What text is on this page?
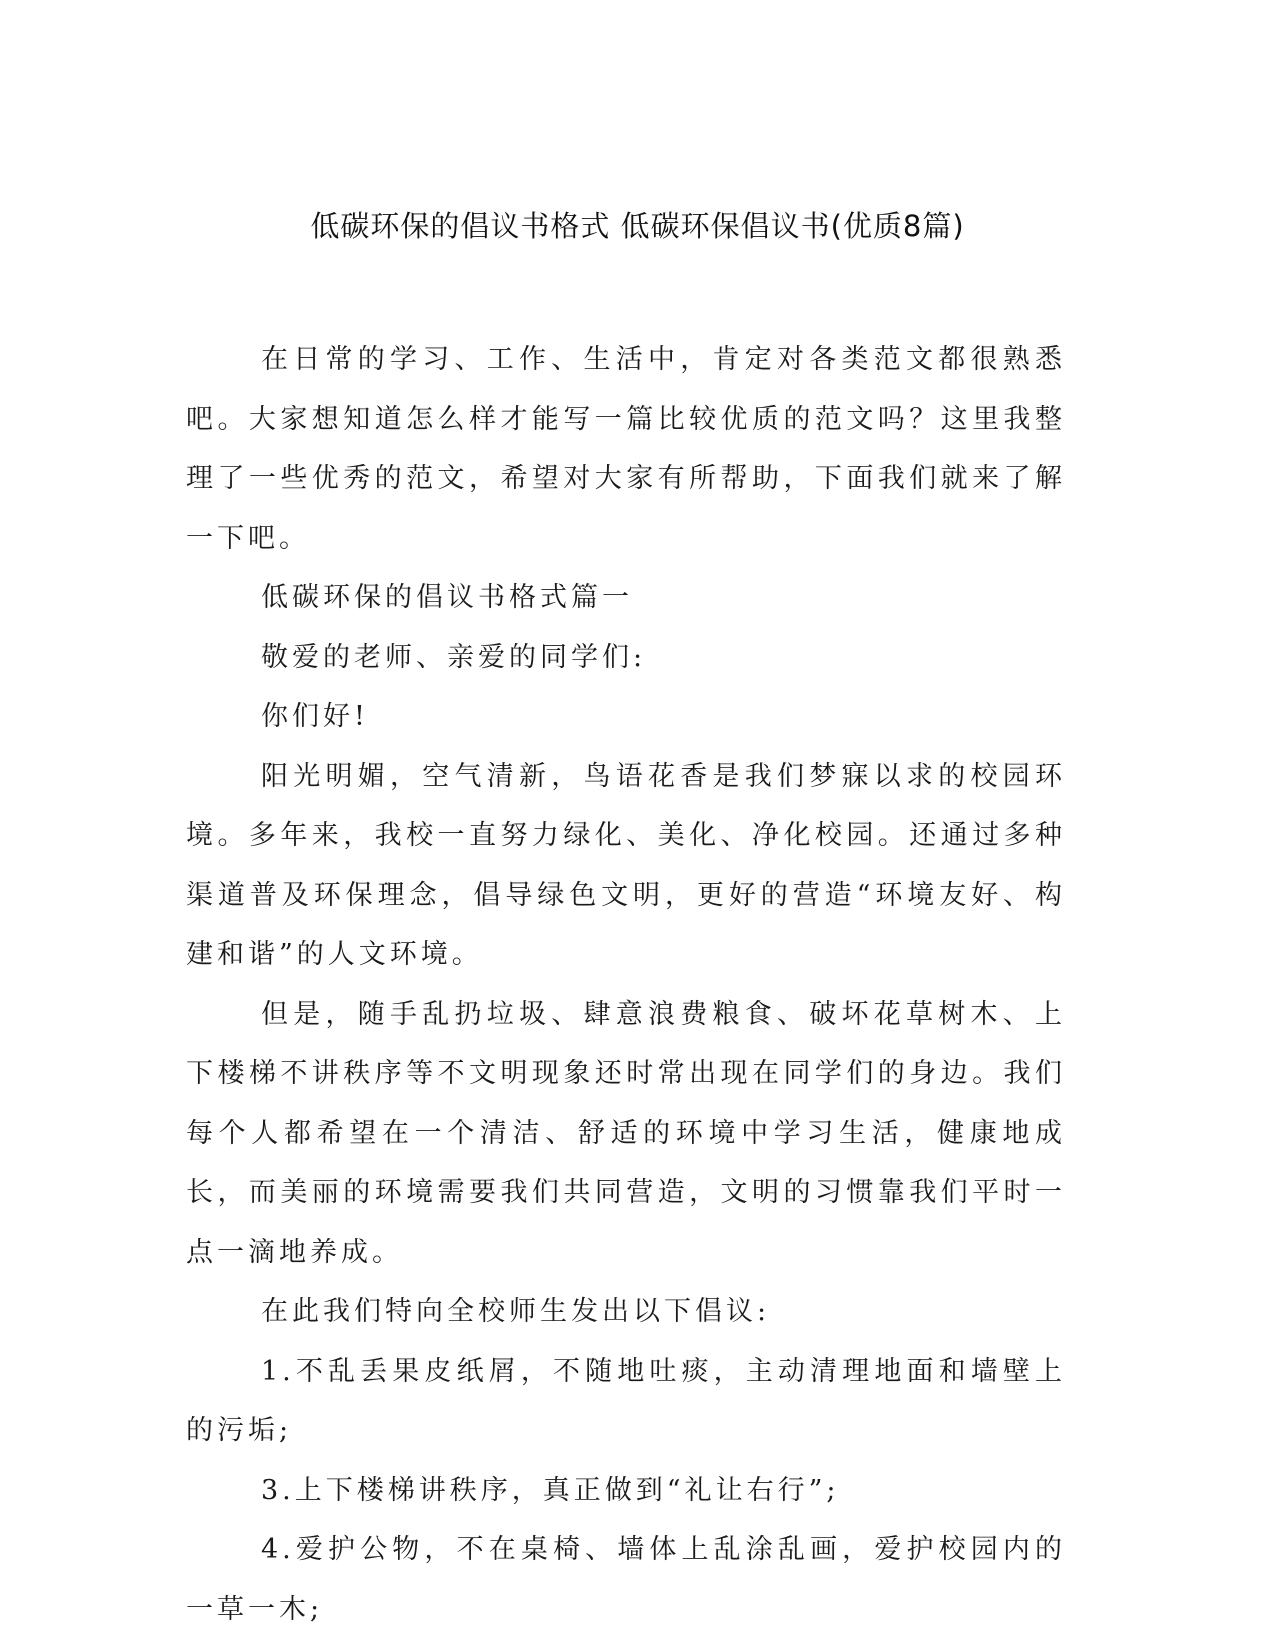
低碳环保的倡议书格式 低碳环保倡议书(优质8篇)

在日常的学习、工作、生活中，肯定对各类范文都很熟悉吧。大家想知道怎么样才能写一篇比较优质的范文吗？这里我整理了一些优秀的范文，希望对大家有所帮助，下面我们就来了解一下吧。

低碳环保的倡议书格式篇一

敬爱的老师、亲爱的同学们:

你们好!

阳光明媚，空气清新，鸟语花香是我们梦寐以求的校园环境。多年来，我校一直努力绿化、美化、净化校园。还通过多种渠道普及环保理念，倡导绿色文明，更好的营造“环境友好、构建和谐”的人文环境。

但是，随手乱扔垃圾、肆意浪费粮食、破坏花草树木、上下楼梯不讲秩序等不文明现象还时常出现在同学们的身边。我们每个人都希望在一个清洁、舒适的环境中学习生活，健康地成长，而美丽的环境需要我们共同营造，文明的习惯靠我们平时一点一滴地养成。

在此我们特向全校师生发出以下倡议:

1.不乱丢果皮纸屑，不随地吐痰，主动清理地面和墙壁上的污垢;

3.上下楼梯讲秩序，真正做到“礼让右行”;

4.爱护公物，不在桌椅、墙体上乱涂乱画，爱护校园内的一草一木;
